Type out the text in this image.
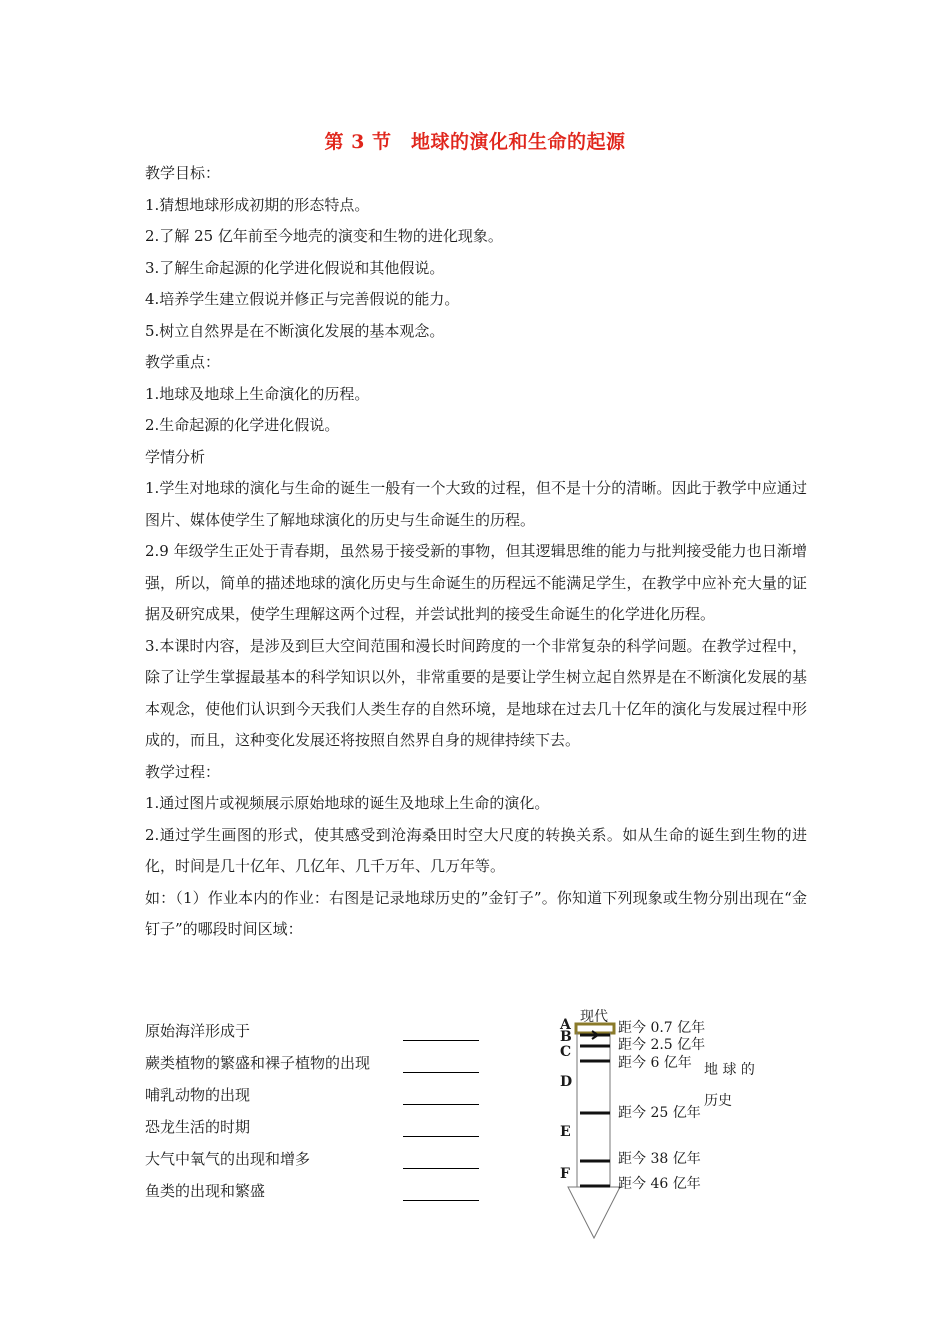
第 3 节　地球的演化和生命的起源

教学目标：

1.猜想地球形成初期的形态特点。

2.了解 25 亿年前至今地壳的演变和生物的进化现象。

3.了解生命起源的化学进化假说和其他假说。

4.培养学生建立假说并修正与完善假说的能力。

5.树立自然界是在不断演化发展的基本观念。

教学重点：

1.地球及地球上生命演化的历程。

2.生命起源的化学进化假说。

学情分析

1.学生对地球的演化与生命的诞生一般有一个大致的过程，但不是十分的清晰。因此于教学中应通过图片、媒体使学生了解地球演化的历史与生命诞生的历程。

2.9 年级学生正处于青春期，虽然易于接受新的事物，但其逻辑思维的能力与批判接受能力也日渐增强，所以，简单的描述地球的演化历史与生命诞生的历程远不能满足学生，在教学中应补充大量的证据及研究成果，使学生理解这两个过程，并尝试批判的接受生命诞生的化学进化历程。

3.本课时内容，是涉及到巨大空间范围和漫长时间跨度的一个非常复杂的科学问题。在教学过程中，除了让学生掌握最基本的科学知识以外，非常重要的是要让学生树立起自然界是在不断演化发展的基本观念，使他们认识到今天我们人类生存的自然环境，是地球在过去几十亿年的演化与发展过程中形成的，而且，这种变化发展还将按照自然界自身的规律持续下去。

教学过程：

1.通过图片或视频展示原始地球的诞生及地球上生命的演化。

2.通过学生画图的形式，使其感受到沧海桑田时空大尺度的转换关系。如从生命的诞生到生物的进化，时间是几十亿年、几亿年、几千万年、几万年等。

如：（1）作业本内的作业：右图是记录地球历史的”金钉子”。你知道下列现象或生物分别出现在“金钉子”的哪段时间区域：

原始海洋形成于
蕨类植物的繁盛和裸子植物的出现
哺乳动物的出现
恐龙生活的时期
大气中氧气的出现和增多
鱼类的出现和繁盛
现代
A
B
C
D
E
F
距今 0.7 亿年
距今 2.5 亿年
距今 6 亿年
距今 25 亿年
距今 38 亿年
距今 46 亿年
地 球 的
历史
